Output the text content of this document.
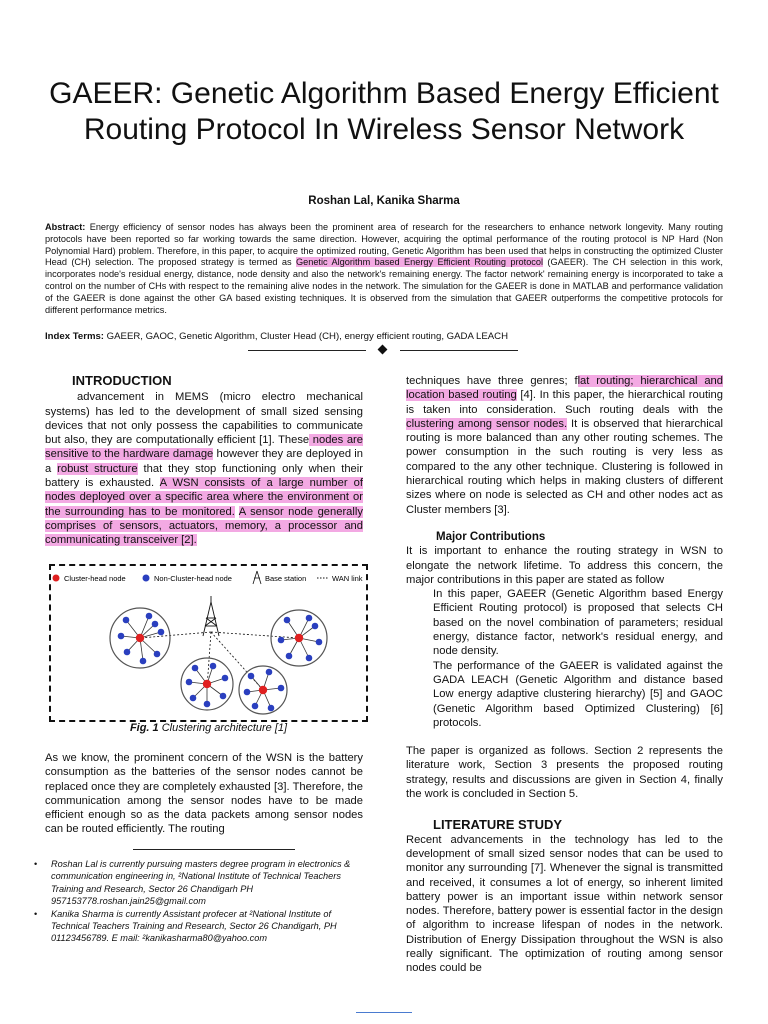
GAEER: Genetic Algorithm Based Energy Efficient Routing Protocol In Wireless Sensor Network
Roshan Lal, Kanika Sharma

Abstract: Energy efficiency of sensor nodes has always been the prominent area of research for the researchers to enhance network longevity. Many routing protocols have been reported so far working towards the same direction. However, acquiring the optimal performance of the routing protocol is NP Hard (Non Polynomial Hard) problem. Therefore, in this paper, to acquire the optimized routing, Genetic Algorithm has been used that helps in constructing the optimized Cluster Head (CH) selection. The proposed strategy is termed as Genetic Algorithm based Energy Efficient Routing protocol (GAEER). The CH selection in this work, incorporates node's residual energy, distance, node density and also the network's remaining energy. The factor network' remaining energy is incorporated to take a control on the number of CHs with respect to the remaining alive nodes in the network. The simulation for the GAEER is done in MATLAB and performance validation of the GAEER is done against the other GA based existing techniques. It is observed from the simulation that GAEER outperforms the competitive protocols for different performance metrics.

Index Terms: GAEER, GAOC, Genetic Algorithm, Cluster Head (CH), energy efficient routing, GADA LEACH
INTRODUCTION

advancement in MEMS (micro electro mechanical systems) has led to the development of small sized sensing devices that not only possess the capabilities to communicate but also, they are computationally efficient [1]. These nodes are sensitive to the hardware damage however they are deployed in a robust structure that they stop functioning only when their battery is exhausted. A WSN consists of a large number of nodes deployed over a specific area where the environment or the surrounding has to be monitored. A sensor node generally comprises of sensors, actuators, memory, a processor and communicating transceiver [2].

Cluster-head node	Non-Cluster-head node	Base station	WAN link
Fig. 1 Clustering architecture [1]

As we know, the prominent concern of the WSN is the battery consumption as the batteries of the sensor nodes cannot be replaced once they are completely exhausted [3]. Therefore, the communication among the sensor nodes have to be made efficient enough so as the data packets among sensor nodes can be routed efficiently. The routing

• Roshan Lal is currently pursuing masters degree program in electronics & communication engineering in, ²National Institute of Technical Teachers Training and Research, Sector 26 Chandigarh PH 957153778.roshan.jain25@gmail.com
• Kanika Sharma is currently Assistant profecer at ²National Institute of Technical Teachers Training and Research, Sector 26 Chandigarh, PH 01123456789. E mail: ²kanikasharma80@yahoo.com

techniques have three genres; flat routing; hierarchical and location based routing [4]. In this paper, the hierarchical routing is taken into consideration. Such routing deals with the clustering among sensor nodes. It is observed that hierarchical routing is more balanced than any other routing schemes. The power consumption in the such routing is very less as compared to the any other technique. Clustering is followed in hierarchical routing which helps in making clusters of different sizes where on node is selected as CH and other nodes act as Cluster members [3].

Major Contributions

It is important to enhance the routing strategy in WSN to elongate the network lifetime. To address this concern, the major contributions in this paper are stated as follow

In this paper, GAEER (Genetic Algorithm based Energy Efficient Routing protocol) is proposed that selects CH based on the novel combination of parameters; residual energy, distance factor, network's residual energy, and node density.

The performance of the GAEER is validated against the GADA LEACH (Genetic Algorithm and distance based Low energy adaptive clustering hierarchy) [5] and GAOC (Genetic Algorithm based Optimized Clustering) [6] protocols.

The paper is organized as follows. Section 2 represents the literature work, Section 3 presents the proposed routing strategy, results and discussions are given in Section 4, finally the work is concluded in Section 5.

LITERATURE STUDY

Recent advancements in the technology has led to the development of small sized sensor nodes that can be used to monitor any surrounding [7]. Whenever the signal is transmitted and received, it consumes a lot of energy, so inherent limited battery power is an important issue within network sensor nodes. Therefore, battery power is essential factor in the design of algorithm to increase lifespan of nodes in the network. Distribution of Energy Dissipation throughout the WSN is also really significant. The optimization of routing among sensor nodes could be
